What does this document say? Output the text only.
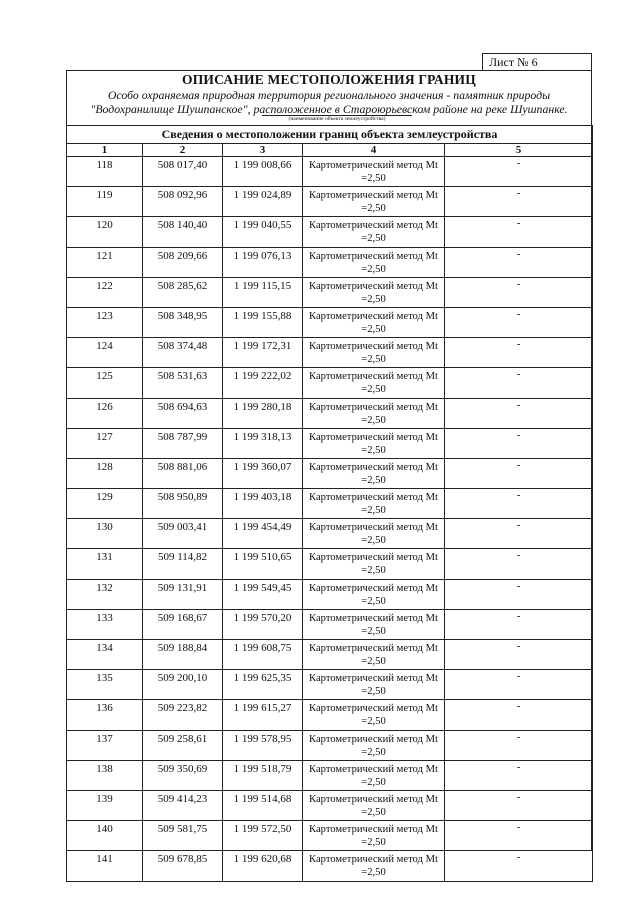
Лист № 6
ОПИСАНИЕ МЕСТОПОЛОЖЕНИЯ ГРАНИЦ
Особо охраняемая природная территория регионального значения - памятник природы
"Водохранилище Шушпанское", расположенное в Староюрьевском районе на реке Шушпанке.
(наименование объекта землеустройства)
Сведения о местоположении границ объекта землеустройства				
1	2	3	4	5
118	508 017,40	1 199 008,66	Картометрический метод Mt
=2,50	-
119	508 092,96	1 199 024,89	Картометрический метод Mt
=2,50	-
120	508 140,40	1 199 040,55	Картометрический метод Mt
=2,50	-
121	508 209,66	1 199 076,13	Картометрический метод Mt
=2,50	-
122	508 285,62	1 199 115,15	Картометрический метод Mt
=2,50	-
123	508 348,95	1 199 155,88	Картометрический метод Mt
=2,50	-
124	508 374,48	1 199 172,31	Картометрический метод Mt
=2,50	-
125	508 531,63	1 199 222,02	Картометрический метод Mt
=2,50	-
126	508 694,63	1 199 280,18	Картометрический метод Mt
=2,50	-
127	508 787,99	1 199 318,13	Картометрический метод Mt
=2,50	-
128	508 881,06	1 199 360,07	Картометрический метод Mt
=2,50	-
129	508 950,89	1 199 403,18	Картометрический метод Mt
=2,50	-
130	509 003,41	1 199 454,49	Картометрический метод Mt
=2,50	-
131	509 114,82	1 199 510,65	Картометрический метод Mt
=2,50	-
132	509 131,91	1 199 549,45	Картометрический метод Mt
=2,50	-
133	509 168,67	1 199 570,20	Картометрический метод Mt
=2,50	-
134	509 188,84	1 199 608,75	Картометрический метод Mt
=2,50	-
135	509 200,10	1 199 625,35	Картометрический метод Mt
=2,50	-
136	509 223,82	1 199 615,27	Картометрический метод Mt
=2,50	-
137	509 258,61	1 199 578,95	Картометрический метод Mt
=2,50	-
138	509 350,69	1 199 518,79	Картометрический метод Mt
=2,50	-
139	509 414,23	1 199 514,68	Картометрический метод Mt
=2,50	-
140	509 581,75	1 199 572,50	Картометрический метод Mt
=2,50	-
141	509 678,85	1 199 620,68	Картометрический метод Mt
=2,50	-
